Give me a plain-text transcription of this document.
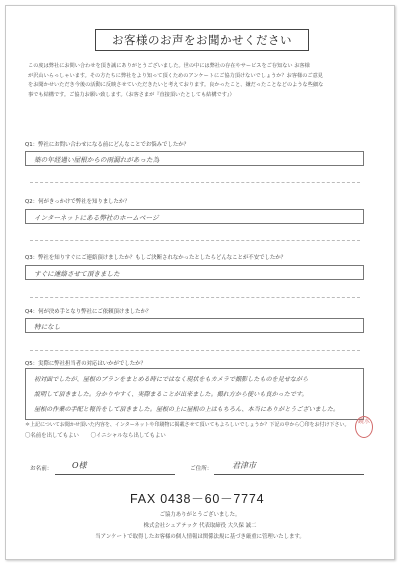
お客様のお声をお聞かせください
この度は弊社にお問い合わせを頂き誠にありがとうございました。世の中には弊社の存在やサービスをご存知ない お客様
が沢山いらっしゃいます。その方たちに弊社をより知って頂くためのアンケートにご協力頂けないでしょうか？お客様のご意見
をお聞かせいただき今後の活動に反映させていただきたいと考えております。良かったこと、嫌だったことなどのような些細な
事でも結構です。ご協力お願い致します。（お客さまが『直接頂いたとしても結構です』）
Q1：弊社にお問い合わせになる前にどんなことでお悩みでしたか？
築の年経過い屋根からの雨漏れがあった為
Q2：何がきっかけで弊社を知りましたか？
インターネットにある弊社のホームページ
Q3：弊社を知りすぐにご連絡頂けましたか？もしご決断されなかったとしたらどんなことが不安でしたか？
すぐに連絡させて頂きました
Q4：何が決め手となり弊社にご依頼頂けましたか？
特になし
Q5：実際に弊社担当者の対応はいかがでしたか？
初対面でしたが、屋根のプランをまとめる時にではなく現状をもカメラで撮影したものを見せながら
説明して頂きました。分かりやすく、実際まることが出来ました。撮れ方から使いも良かったです。
屋根の作業の手配と報告をして頂きました。屋根の上に屋根の上はもちろん、本当にありがとうございました。
＊上記についてお聞かせ頂いた内容を、インターネットや印刷物に掲載させて頂いてもよろしいでしょうか？下記の中から〇印をお付け下さい。
〇名前を出してもよい 〇イニシャルなら出してもよい
鏡水
お名前： O様	ご住所： 君津市
FAX 0438－60－7774
ご協力ありがとうございました。
株式会社シェアテック 代表取締役 大久保 誠二
当アンケートで取得したお客様の個人情報は関係法規に基づき厳重に管理いたします。
